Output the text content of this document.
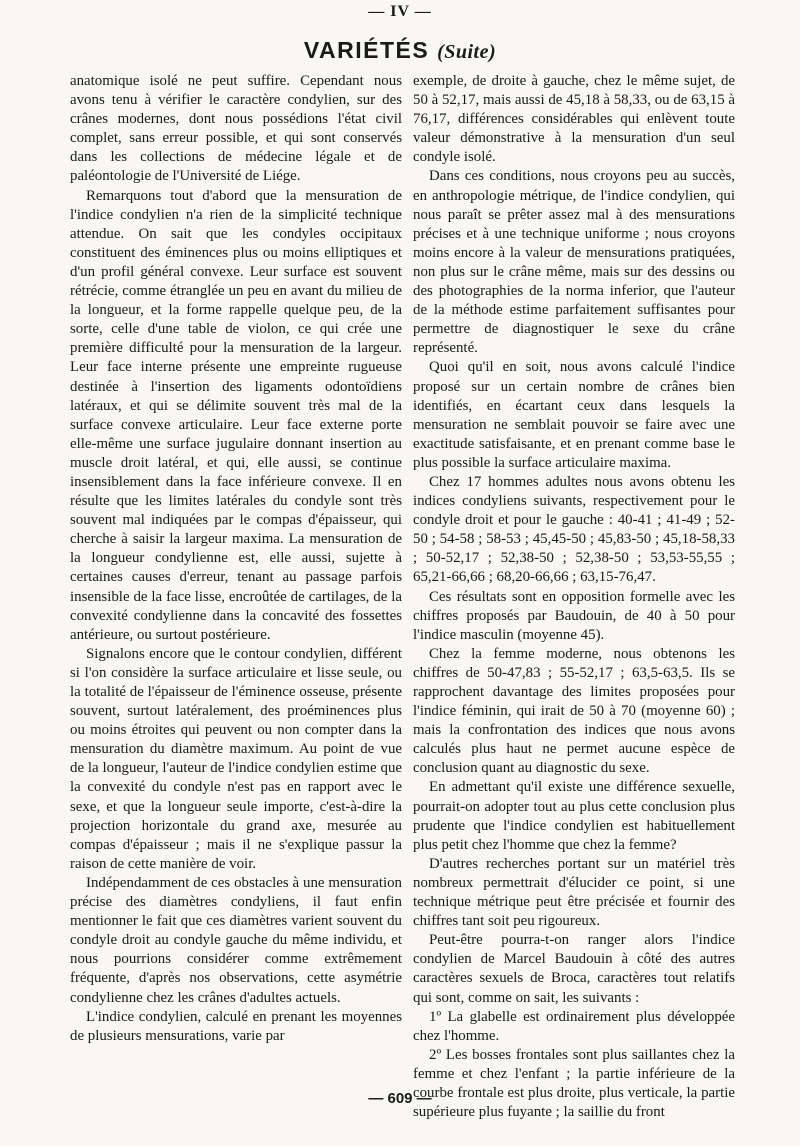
— IV —
VARIÉTÉS (Suite)

anatomique isolé ne peut suffire. Cependant nous avons tenu à vérifier le caractère condylien, sur des crânes modernes, dont nous possédions l'état civil complet, sans erreur possible, et qui sont conservés dans les collections de médecine légale et de paléontologie de l'Université de Liége.

Remarquons tout d'abord que la mensuration de l'indice condylien n'a rien de la simplicité technique attendue. On sait que les condyles occipitaux constituent des éminences plus ou moins elliptiques et d'un profil général convexe. Leur surface est souvent rétrécie, comme étranglée un peu en avant du milieu de la longueur, et la forme rappelle quelque peu, de la sorte, celle d'une table de violon, ce qui crée une première difficulté pour la mensuration de la largeur. Leur face interne présente une empreinte rugueuse destinée à l'insertion des ligaments odontoïdiens latéraux, et qui se délimite souvent très mal de la surface convexe articulaire. Leur face externe porte elle-même une surface jugulaire donnant insertion au muscle droit latéral, et qui, elle aussi, se continue insensiblement dans la face inférieure convexe. Il en résulte que les limites latérales du condyle sont très souvent mal indiquées par le compas d'épaisseur, qui cherche à saisir la largeur maxima. La mensuration de la longueur condylienne est, elle aussi, sujette à certaines causes d'erreur, tenant au passage parfois insensible de la face lisse, encroûtée de cartilages, de la convexité condylienne dans la concavité des fossettes antérieure, ou surtout postérieure.

Signalons encore que le contour condylien, différent si l'on considère la surface articulaire et lisse seule, ou la totalité de l'épaisseur de l'éminence osseuse, présente souvent, surtout latéralement, des proéminences plus ou moins étroites qui peuvent ou non compter dans la mensuration du diamètre maximum. Au point de vue de la longueur, l'auteur de l'indice condylien estime que la convexité du condyle n'est pas en rapport avec le sexe, et que la longueur seule importe, c'est-à-dire la projection horizontale du grand axe, mesurée au compas d'épaisseur ; mais il ne s'explique passur la raison de cette manière de voir.

Indépendamment de ces obstacles à une mensuration précise des diamètres condyliens, il faut enfin mentionner le fait que ces diamètres varient souvent du condyle droit au condyle gauche du même individu, et nous pourrions considérer comme extrêmement fréquente, d'après nos observations, cette asymétrie condylienne chez les crânes d'adultes actuels.

L'indice condylien, calculé en prenant les moyennes de plusieurs mensurations, varie par

exemple, de droite à gauche, chez le même sujet, de 50 à 52,17, mais aussi de 45,18 à 58,33, ou de 63,15 à 76,17, différences considérables qui enlèvent toute valeur démonstrative à la mensuration d'un seul condyle isolé.

Dans ces conditions, nous croyons peu au succès, en anthropologie métrique, de l'indice condylien, qui nous paraît se prêter assez mal à des mensurations précises et à une technique uniforme ; nous croyons moins encore à la valeur de mensurations pratiquées, non plus sur le crâne même, mais sur des dessins ou des photographies de la norma inferior, que l'auteur de la méthode estime parfaitement suffisantes pour permettre de diagnostiquer le sexe du crâne représenté.

Quoi qu'il en soit, nous avons calculé l'indice proposé sur un certain nombre de crânes bien identifiés, en écartant ceux dans lesquels la mensuration ne semblait pouvoir se faire avec une exactitude satisfaisante, et en prenant comme base le plus possible la surface articulaire maxima.

Chez 17 hommes adultes nous avons obtenu les indices condyliens suivants, respectivement pour le condyle droit et pour le gauche : 40-41 ; 41-49 ; 52-50 ; 54-58 ; 58-53 ; 45,45-50 ; 45,83-50 ; 45,18-58,33 ; 50-52,17 ; 52,38-50 ; 52,38-50 ; 53,53-55,55 ; 65,21-66,66 ; 68,20-66,66 ; 63,15-76,47.

Ces résultats sont en opposition formelle avec les chiffres proposés par Baudouin, de 40 à 50 pour l'indice masculin (moyenne 45).

Chez la femme moderne, nous obtenons les chiffres de 50-47,83 ; 55-52,17 ; 63,5-63,5. Ils se rapprochent davantage des limites proposées pour l'indice féminin, qui irait de 50 à 70 (moyenne 60) ; mais la confrontation des indices que nous avons calculés plus haut ne permet aucune espèce de conclusion quant au diagnostic du sexe.

En admettant qu'il existe une différence sexuelle, pourrait-on adopter tout au plus cette conclusion plus prudente que l'indice condylien est habituellement plus petit chez l'homme que chez la femme?

D'autres recherches portant sur un matériel très nombreux permettrait d'élucider ce point, si une technique métrique peut être précisée et fournir des chiffres tant soit peu rigoureux.

Peut-être pourra-t-on ranger alors l'indice condylien de Marcel Baudouin à côté des autres caractères sexuels de Broca, caractères tout relatifs qui sont, comme on sait, les suivants :

1º La glabelle est ordinairement plus développée chez l'homme.

2º Les bosses frontales sont plus saillantes chez la femme et chez l'enfant ; la partie inférieure de la courbe frontale est plus droite, plus verticale, la partie supérieure plus fuyante ; la saillie du front

— 609 —
